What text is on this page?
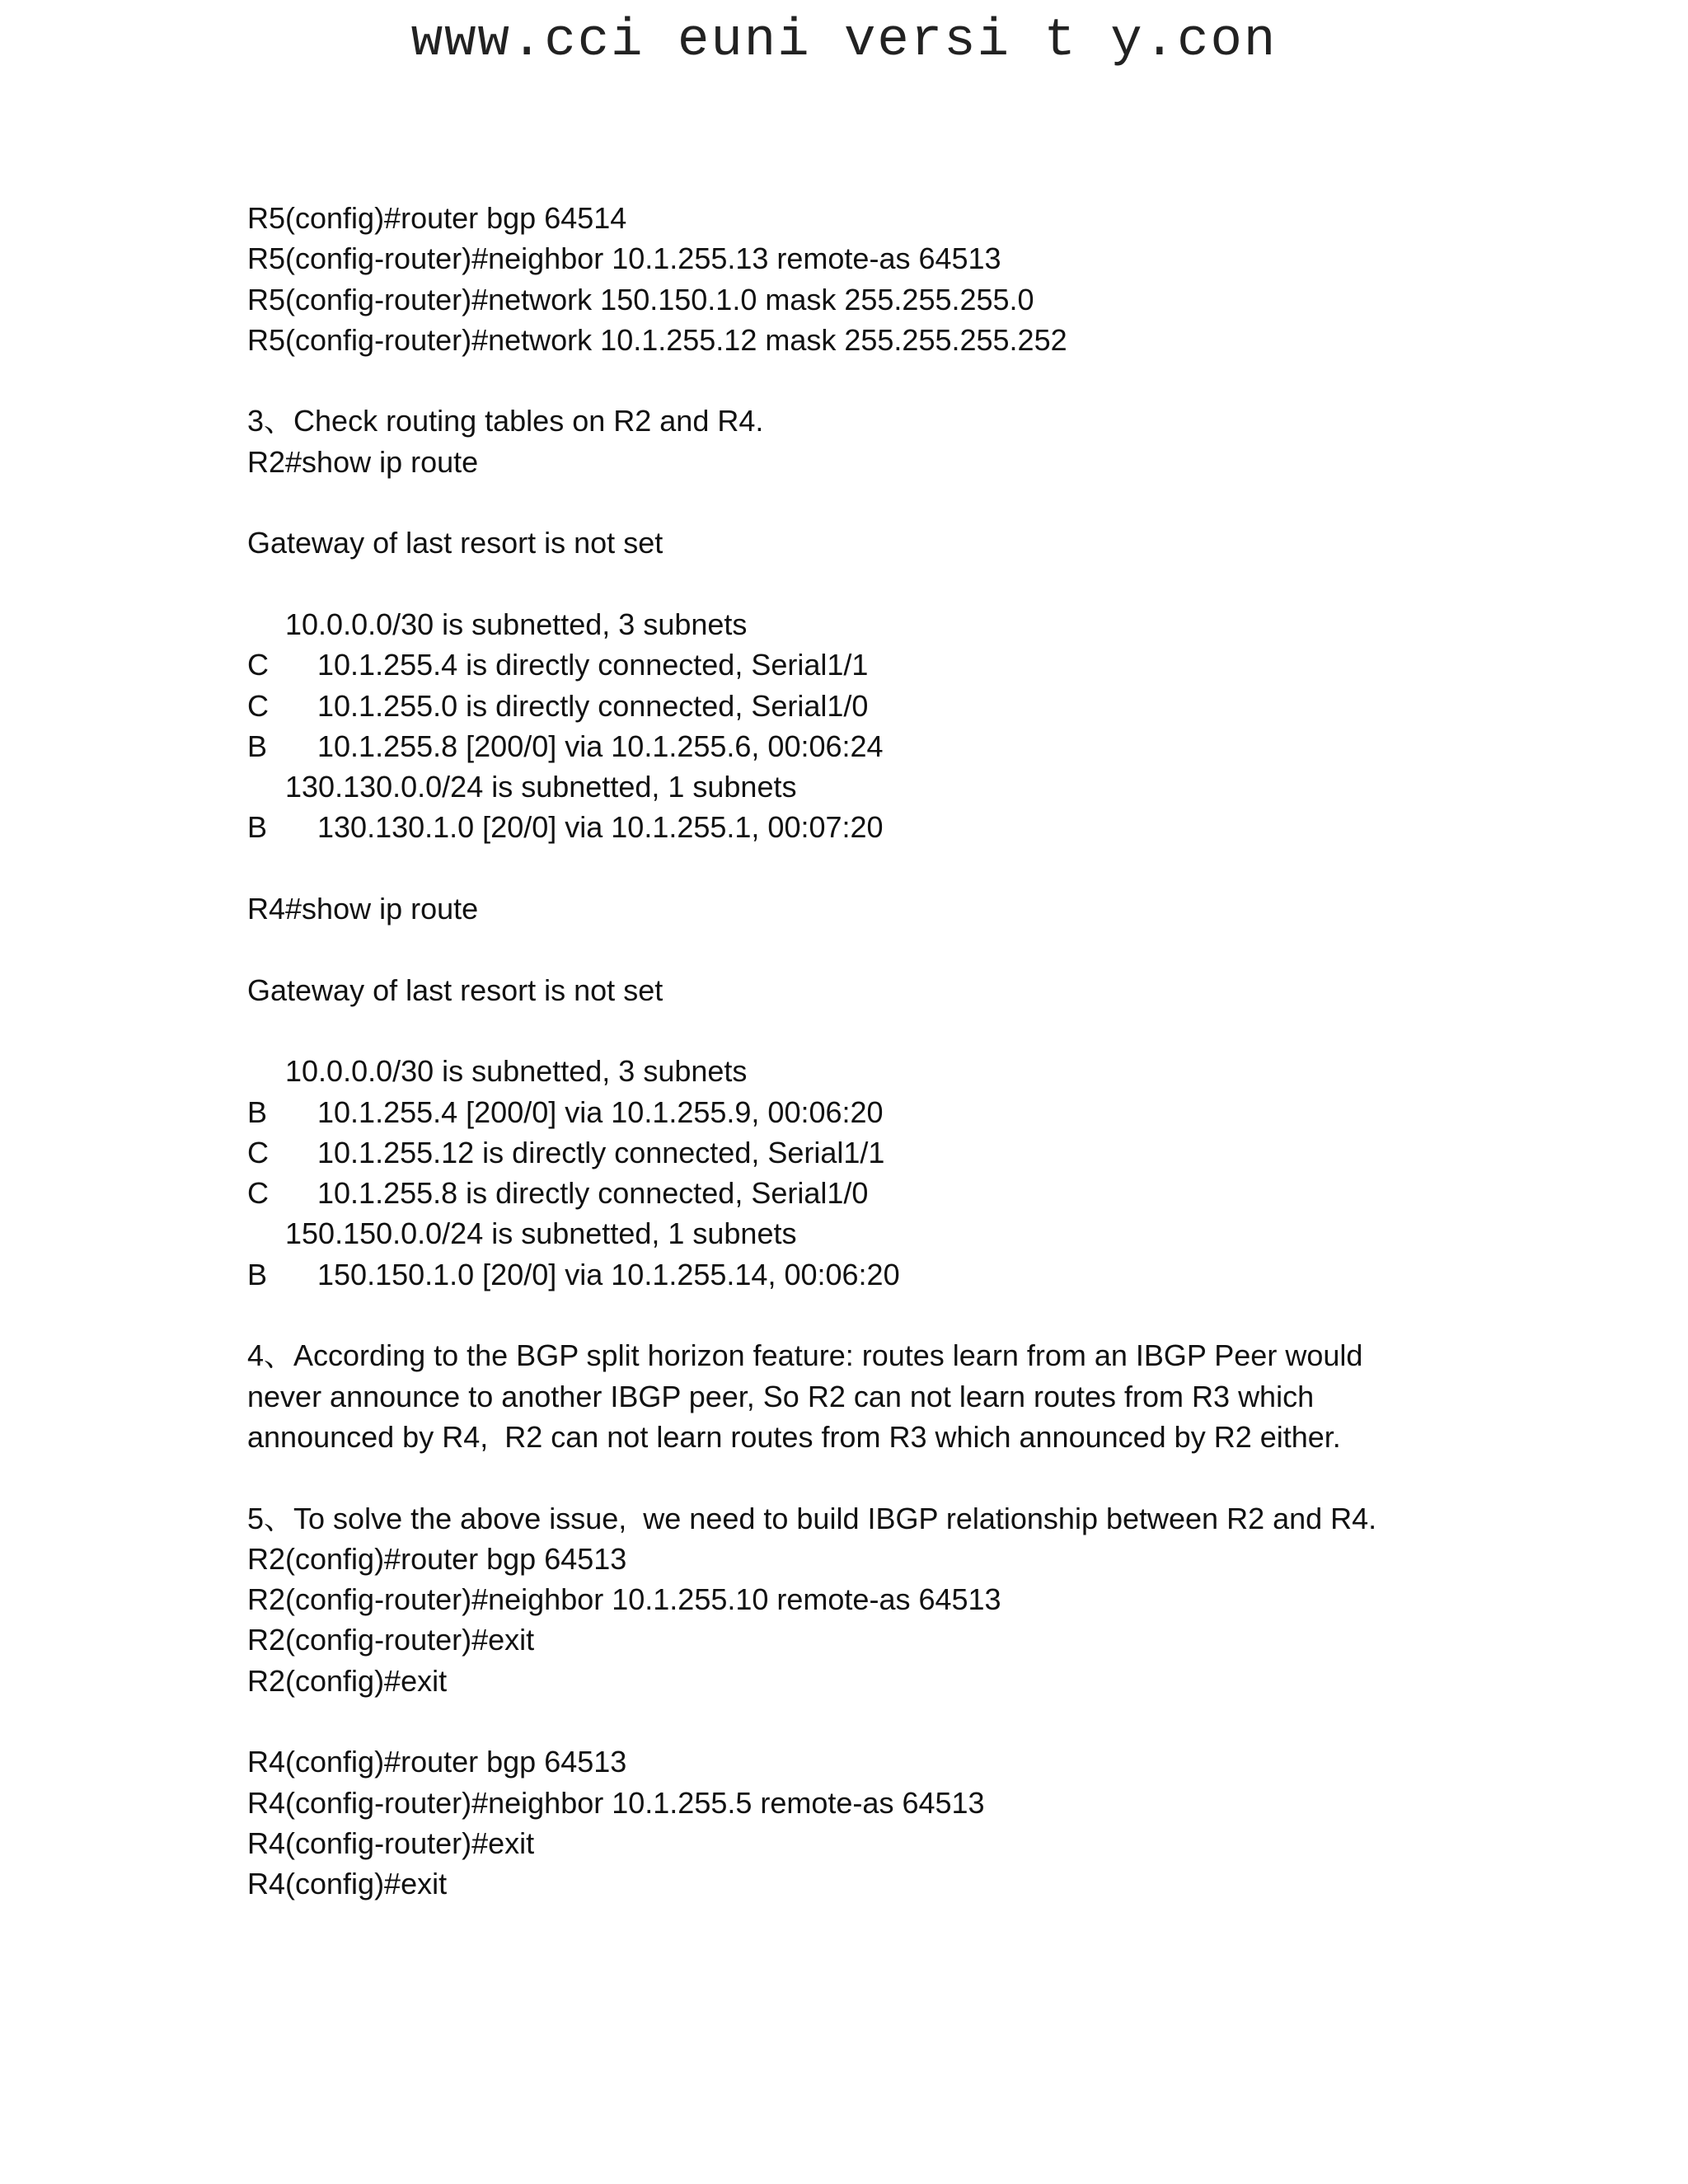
www.cci euni versi t y.con
R5(config)#router bgp 64514
R5(config-router)#neighbor 10.1.255.13 remote-as 64513
R5(config-router)#network 150.150.1.0 mask 255.255.255.0
R5(config-router)#network 10.1.255.12 mask 255.255.255.252
3、Check routing tables on R2 and R4.
R2#show ip route
Gateway of last resort is not set
10.0.0.0/30 is subnetted, 3 subnets

C

10.1.255.4 is directly connected, Serial1/1

C

10.1.255.0 is directly connected, Serial1/0

B

10.1.255.8 [200/0] via 10.1.255.6, 00:06:24

130.130.0.0/24 is subnetted, 1 subnets

B

130.130.1.0 [20/0] via 10.1.255.1, 00:07:20

R4#show ip route
Gateway of last resort is not set
10.0.0.0/30 is subnetted, 3 subnets

B

10.1.255.4 [200/0] via 10.1.255.9, 00:06:20

C

10.1.255.12 is directly connected, Serial1/1

C

10.1.255.8 is directly connected, Serial1/0

150.150.0.0/24 is subnetted, 1 subnets

B

150.150.1.0 [20/0] via 10.1.255.14, 00:06:20

4、According to the BGP split horizon feature: routes learn from an IBGP Peer would
never announce to another IBGP peer, So R2 can not learn routes from R3 which
announced by R4,  R2 can not learn routes from R3 which announced by R2 either.
5、To solve the above issue,  we need to build IBGP relationship between R2 and R4.
R2(config)#router bgp 64513
R2(config-router)#neighbor 10.1.255.10 remote-as 64513
R2(config-router)#exit
R2(config)#exit
R4(config)#router bgp 64513
R4(config-router)#neighbor 10.1.255.5 remote-as 64513
R4(config-router)#exit
R4(config)#exit
